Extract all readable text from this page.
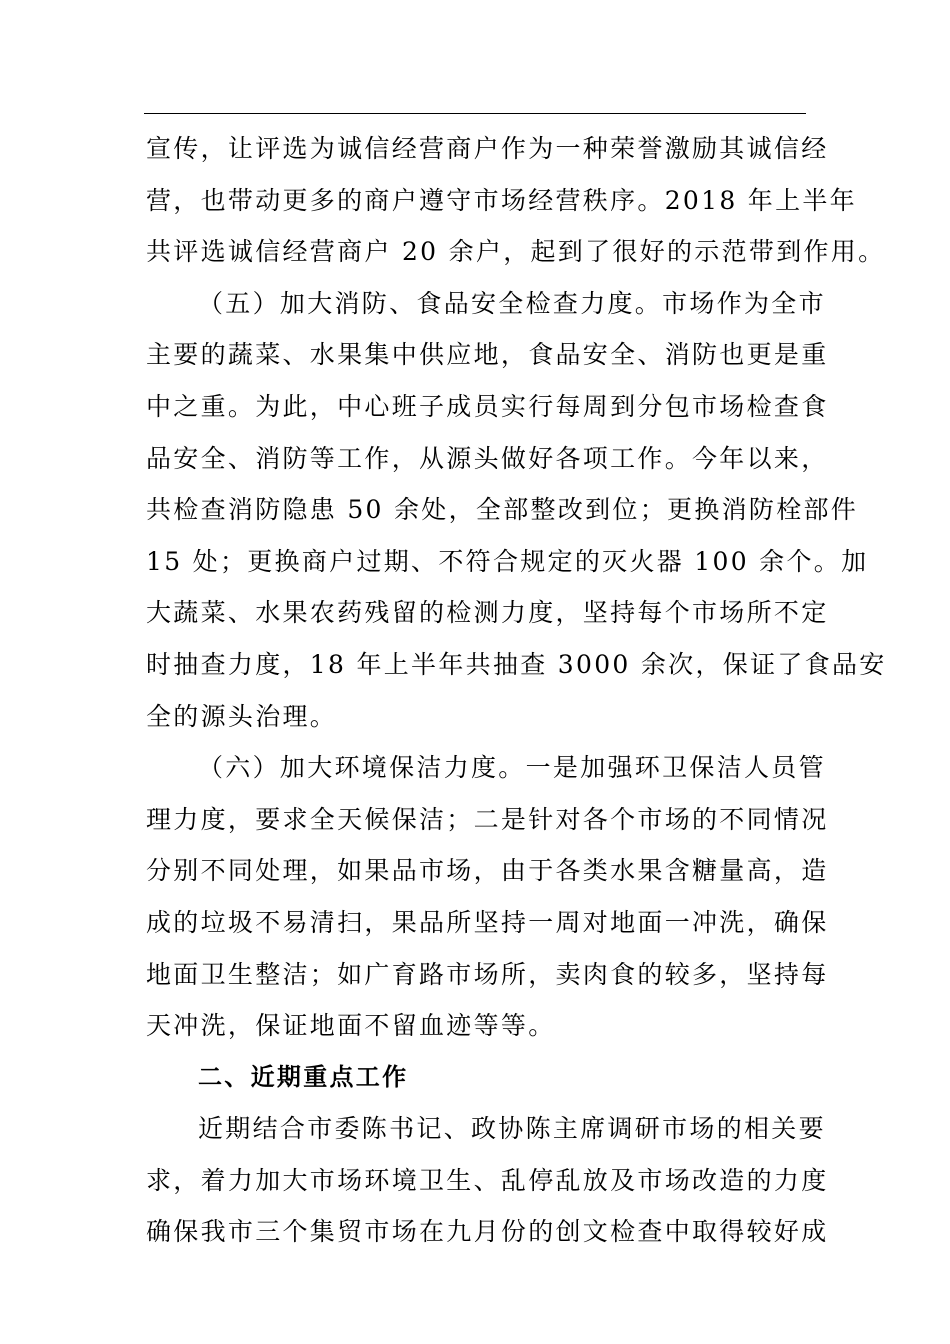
宣传，让评选为诚信经营商户作为一种荣誉激励其诚信经
营，也带动更多的商户遵守市场经营秩序。2018 年上半年
共评选诚信经营商户 20 余户，起到了很好的示范带到作用。
（五）加大消防、食品安全检查力度。市场作为全市
主要的蔬菜、水果集中供应地，食品安全、消防也更是重
中之重。为此，中心班子成员实行每周到分包市场检查食
品安全、消防等工作，从源头做好各项工作。今年以来，
共检查消防隐患 50 余处，全部整改到位；更换消防栓部件
15 处；更换商户过期、不符合规定的灭火器 100 余个。加
大蔬菜、水果农药残留的检测力度，坚持每个市场所不定
时抽查力度，18 年上半年共抽查 3000 余次，保证了食品安
全的源头治理。
（六）加大环境保洁力度。一是加强环卫保洁人员管
理力度，要求全天候保洁；二是针对各个市场的不同情况
分别不同处理，如果品市场，由于各类水果含糖量高，造
成的垃圾不易清扫，果品所坚持一周对地面一冲洗，确保
地面卫生整洁；如广育路市场所，卖肉食的较多，坚持每
天冲洗，保证地面不留血迹等等。
二、近期重点工作
近期结合市委陈书记、政协陈主席调研市场的相关要
求，着力加大市场环境卫生、乱停乱放及市场改造的力度
确保我市三个集贸市场在九月份的创文检查中取得较好成
